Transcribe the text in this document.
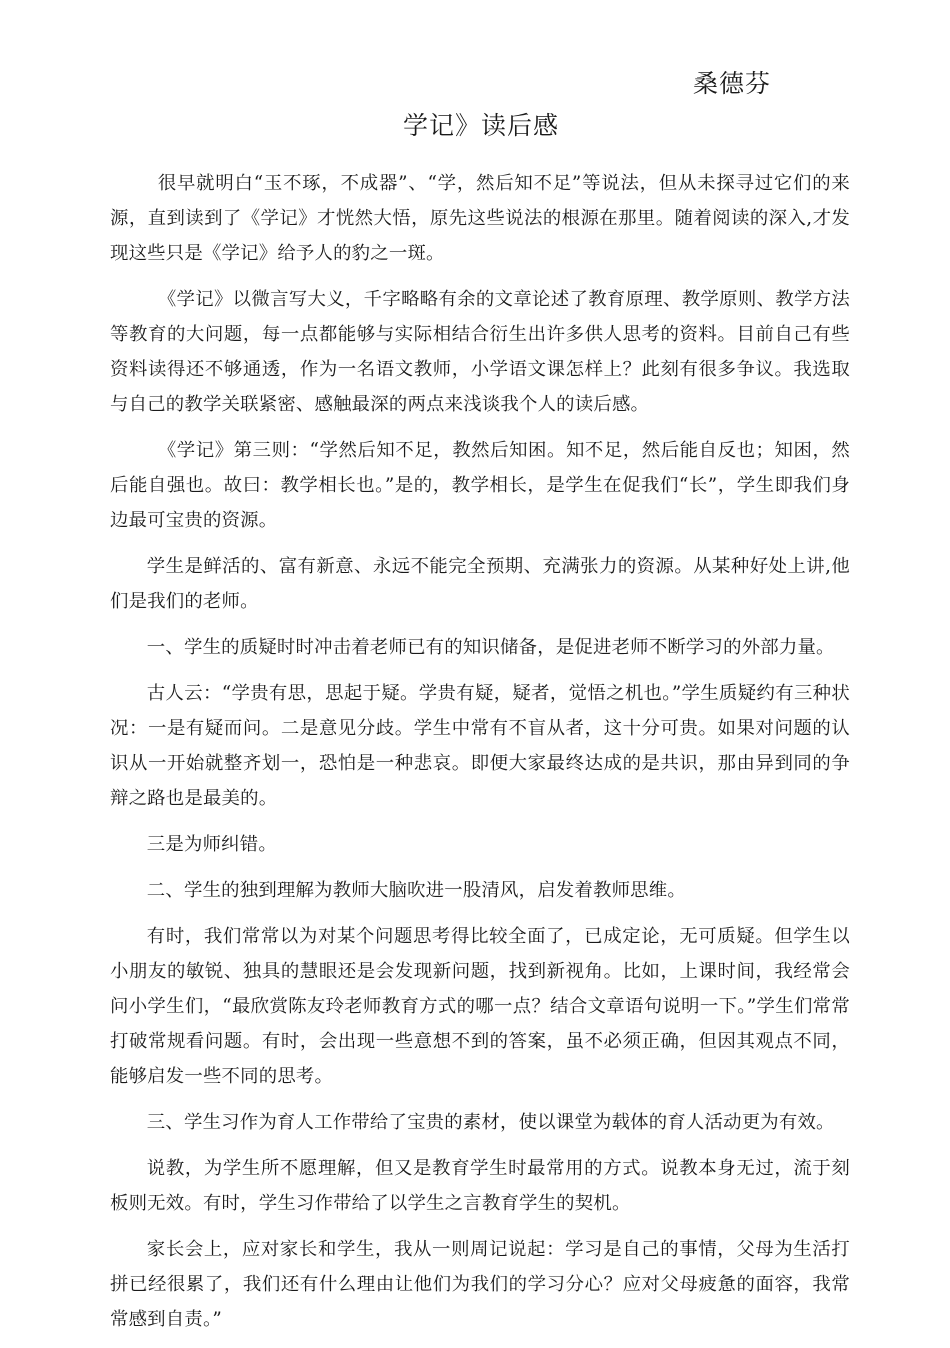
桑德芬
学记》读后感

很早就明白“玉不琢，不成器”、“学，然后知不足”等说法，但从未探寻过它们的来源，直到读到了《学记》才恍然大悟，原先这些说法的根源在那里。随着阅读的深入,才发现这些只是《学记》给予人的豹之一斑。

《学记》以微言写大义，千字略略有余的文章论述了教育原理、教学原则、教学方法等教育的大问题，每一点都能够与实际相结合衍生出许多供人思考的资料。目前自己有些资料读得还不够通透，作为一名语文教师，小学语文课怎样上？此刻有很多争议。我选取与自己的教学关联紧密、感触最深的两点来浅谈我个人的读后感。

《学记》第三则：“学然后知不足，教然后知困。知不足，然后能自反也；知困，然后能自强也。故曰：教学相长也。”是的，教学相长，是学生在促我们“长”，学生即我们身边最可宝贵的资源。

学生是鲜活的、富有新意、永远不能完全预期、充满张力的资源。从某种好处上讲,他们是我们的老师。

一、学生的质疑时时冲击着老师已有的知识储备，是促进老师不断学习的外部力量。

古人云：“学贵有思，思起于疑。学贵有疑，疑者，觉悟之机也。”学生质疑约有三种状况：一是有疑而问。二是意见分歧。学生中常有不盲从者，这十分可贵。如果对问题的认识从一开始就整齐划一，恐怕是一种悲哀。即便大家最终达成的是共识，那由异到同的争辩之路也是最美的。

三是为师纠错。

二、学生的独到理解为教师大脑吹进一股清风，启发着教师思维。

有时，我们常常以为对某个问题思考得比较全面了，已成定论，无可质疑。但学生以小朋友的敏锐、独具的慧眼还是会发现新问题，找到新视角。比如，上课时间，我经常会问小学生们，“最欣赏陈友玲老师教育方式的哪一点？结合文章语句说明一下。”学生们常常打破常规看问题。有时，会出现一些意想不到的答案，虽不必须正确，但因其观点不同，能够启发一些不同的思考。

三、学生习作为育人工作带给了宝贵的素材，使以课堂为载体的育人活动更为有效。

说教，为学生所不愿理解，但又是教育学生时最常用的方式。说教本身无过，流于刻板则无效。有时，学生习作带给了以学生之言教育学生的契机。

家长会上，应对家长和学生，我从一则周记说起：学习是自己的事情，父母为生活打拼已经很累了，我们还有什么理由让他们为我们的学习分心？应对父母疲惫的面容，我常常感到自责。”
